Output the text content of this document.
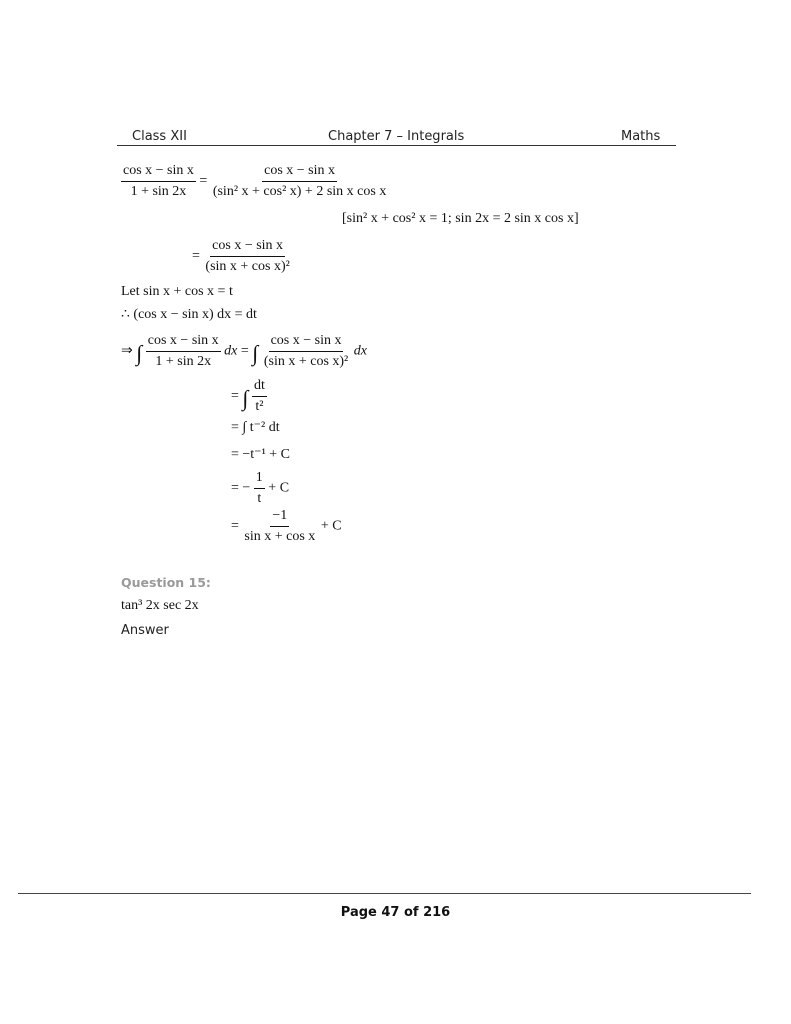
Class XII	Chapter 7 – Integrals	Maths
$\frac{\text{cos x − sin x}}{1 + \sin 2x} = \frac{\text{cos x − sin x}}{\text{(sin² x + cos² x) + 2 sin x cos x}}$
[sin² x + cos² x = 1; sin 2x = 2 sin x cos x]
= $\frac{\text{cos x − sin x}}{\text{(sin x + cos x)²}}$
Let sin x + cos x = t
∴ (cos x − sin x) dx = dt
⇒ ∫ $\frac{\text{cos x − sin x}}{1 + \sin 2x}$ dx = ∫ $\frac{\text{cos x − sin x}}{\text{(sin x + cos x)²}}$ dx
= ∫ $\frac{dt}{\text{t²}}$
= ∫ t⁻² dt
= −t⁻¹ + C
= − $\frac{1}{t} + C$
= $\frac{-1}{\text{sin x + cos x}} + C$
Question 15:
tan³ 2x sec 2x
Answer
Page 47 of 216
